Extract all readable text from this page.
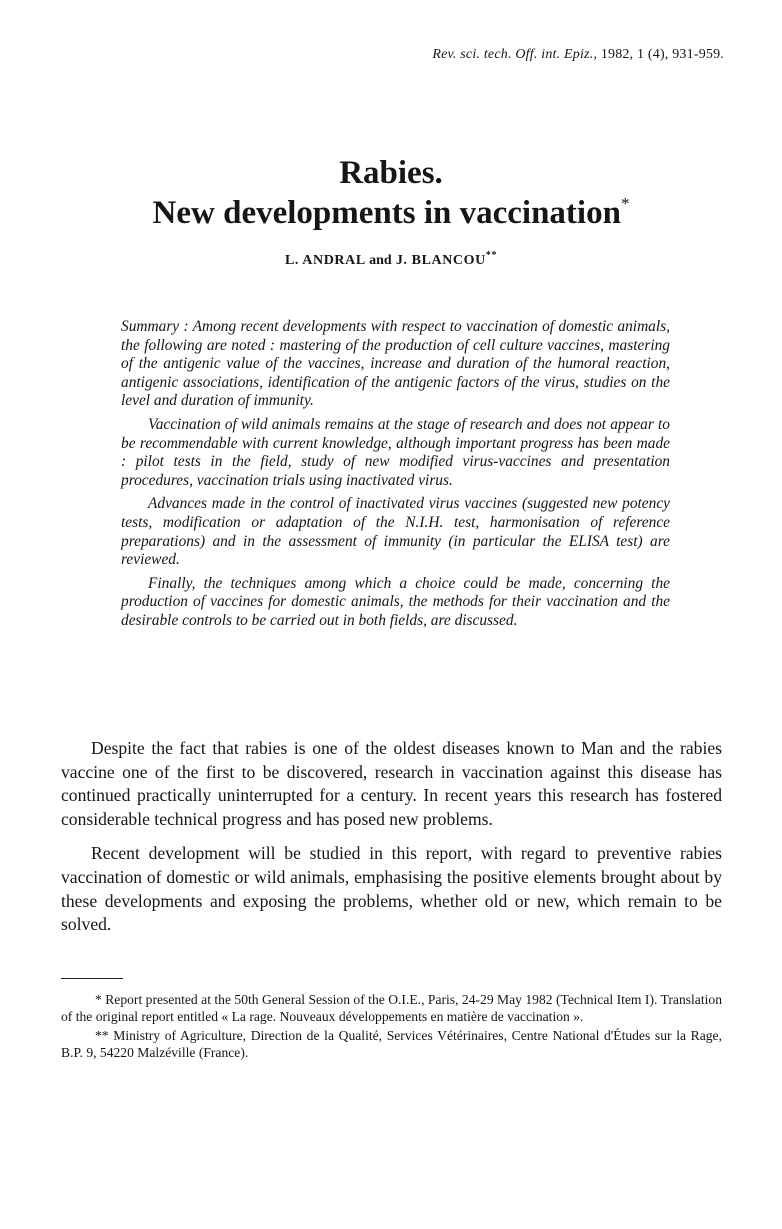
Rev. sci. tech. Off. int. Epiz., 1982, 1 (4), 931-959.
Rabies.
New developments in vaccination*
L. ANDRAL and J. BLANCOU**

Summary : Among recent developments with respect to vaccination of domestic animals, the following are noted : mastering of the production of cell culture vaccines, mastering of the antigenic value of the vaccines, increase and duration of the humoral reaction, antigenic associations, identification of the antigenic factors of the virus, studies on the level and duration of immunity.

Vaccination of wild animals remains at the stage of research and does not appear to be recommendable with current knowledge, although important progress has been made : pilot tests in the field, study of new modified virus-vaccines and presentation procedures, vaccination trials using inactivated virus.

Advances made in the control of inactivated virus vaccines (suggested new potency tests, modification or adaptation of the N.I.H. test, harmonisation of reference preparations) and in the assessment of immunity (in particular the ELISA test) are reviewed.

Finally, the techniques among which a choice could be made, concerning the production of vaccines for domestic animals, the methods for their vaccination and the desirable controls to be carried out in both fields, are discussed.

Despite the fact that rabies is one of the oldest diseases known to Man and the rabies vaccine one of the first to be discovered, research in vaccination against this disease has continued practically uninterrupted for a century. In recent years this research has fostered considerable technical progress and has posed new problems.

Recent development will be studied in this report, with regard to preventive rabies vaccination of domestic or wild animals, emphasising the positive elements brought about by these developments and exposing the problems, whether old or new, which remain to be solved.

* Report presented at the 50th General Session of the O.I.E., Paris, 24-29 May 1982 (Technical Item I). Translation of the original report entitled « La rage. Nouveaux développements en matière de vaccination ».

** Ministry of Agriculture, Direction de la Qualité, Services Vétérinaires, Centre National d'Études sur la Rage, B.P. 9, 54220 Malzéville (France).
